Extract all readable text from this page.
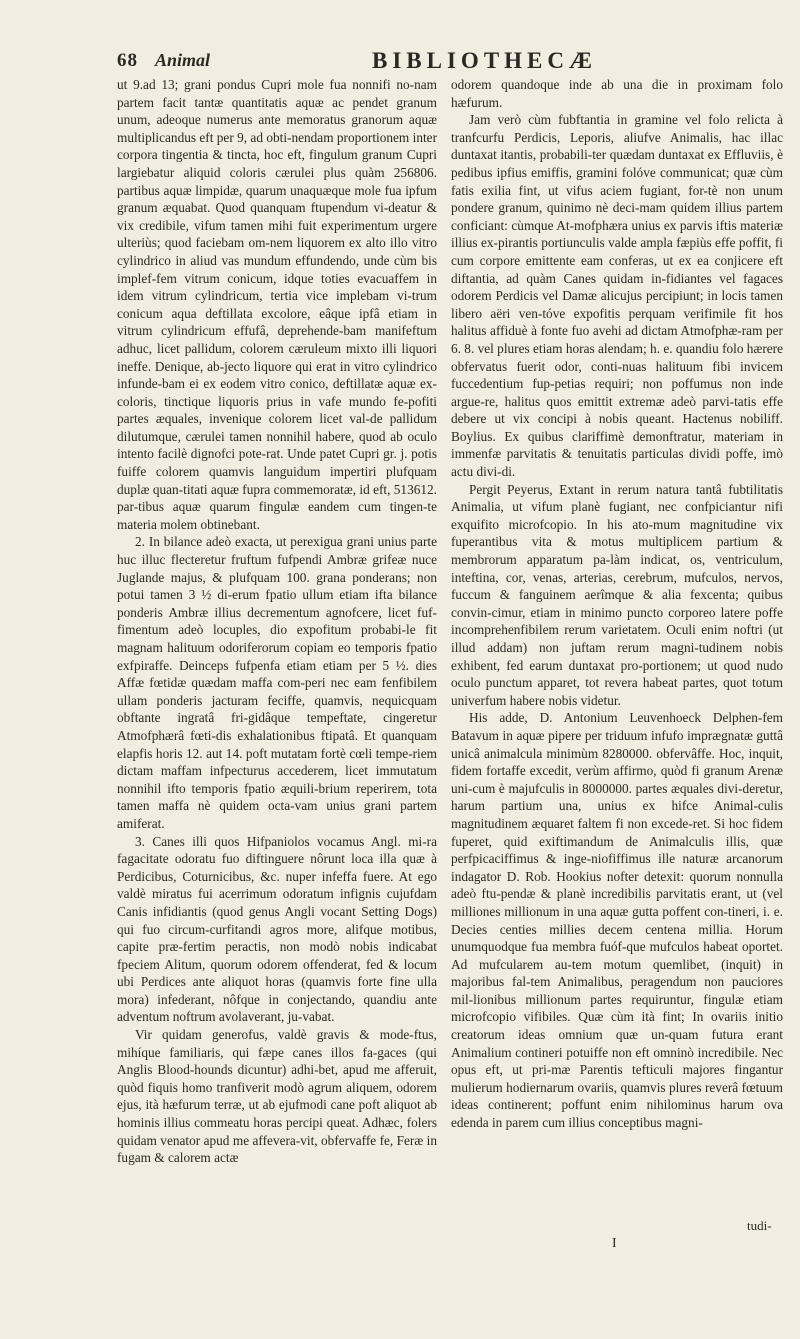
68 Animal	BIBLIOTHECÆ

ut 9.ad 13; grani pondus Cupri mole fua nonnifi no-nam partem facit tantæ quantitatis aquæ ac pendet granum unum, adeoque numerus ante memoratus granorum aquæ multiplicandus eft per 9, ad obti-nendam proportionem inter corpora tingentia & tincta, hoc eft, fingulum granum Cupri largiebatur aliquid coloris cærulei plus quàm 256806. partibus aquæ limpidæ, quarum unaquæque mole fua ipfum granum æquabat. Quod quanquam ftupendum vi-deatur & vix credibile, vifum tamen mihi fuit experimentum urgere ulteriùs; quod faciebam om-nem liquorem ex alto illo vitro cylindrico in aliud vas mundum effundendo, unde cùm bis implef-fem vitrum conicum, idque toties evacuaffem in idem vitrum cylindricum, tertia vice implebam vi-trum conicum aqua deftillata excolore, eâque ipfâ etiam in vitrum cylindricum effufâ, deprehende-bam manifeftum adhuc, licet pallidum, colorem cæruleum mixto illi liquori ineffe. Denique, ab-jecto liquore qui erat in vitro cylindrico infunde-bam ei ex eodem vitro conico, deftillatæ aquæ ex-coloris, tinctique liquoris prius in vafe mundo fe-pofiti partes æquales, invenique colorem licet val-de pallidum dilutumque, cærulei tamen nonnihil habere, quod ab oculo intento facilè dignofci pote-rat. Unde patet Cupri gr. j. potis fuiffe colorem quamvis languidum impertiri plufquam duplæ quan-titati aquæ fupra commemoratæ, id eft, 513612. par-tibus aquæ quarum fingulæ eandem cum tingen-te materia molem obtinebant.

2. In bilance adeò exacta, ut perexigua grani unius parte huc illuc flecteretur fruftum fufpendi Ambræ grifeæ nuce Juglande majus, & plufquam 100. grana ponderans; non potui tamen 3 ½ di-erum fpatio ullum etiam ifta bilance ponderis Ambræ illius decrementum agnofcere, licet fuf-fimentum adeò locuples, dio expofitum probabi-le fit magnam halituum odoriferorum copiam eo temporis fpatio exfpiraffe. Deinceps fufpenfa etiam etiam per 5 ½. dies Affæ fœtidæ quædam maffa com-peri nec eam fenfibilem ullam ponderis jacturam feciffe, quamvis, nequicquam obftante ingratâ fri-gidâque tempeftate, cingeretur Atmofphærâ fœti-dis exhalationibus ftipatâ. Et quanquam elapfis horis 12. aut 14. poft mutatam fortè cœli tempe-riem dictam maffam infpecturus accederem, licet immutatum nonnihil ifto temporis fpatio æquili-brium reperirem, tota tamen maffa nè quidem octa-vam unius grani partem amiferat.

3. Canes illi quos Hifpaniolos vocamus Angl. mi-ra fagacitate odoratu fuo diftinguere nôrunt loca illa quæ à Perdicibus, Coturnicibus, &c. nuper infeffa fuere. At ego valdè miratus fui acerrimum odoratum infignis cujufdam Canis infidiantis (quod genus Angli vocant Setting Dogs) qui fuo circum-curfitandi agros more, alifque motibus, capite præ-fertim peractis, non modò nobis indicabat fpeciem Alitum, quorum odorem offenderat, fed & locum ubi Perdices ante aliquot horas (quamvis forte fine ulla mora) infederant, nôfque in conjectando, quandiu ante adventum noftrum avolaverant, ju-vabat.

Vir quidam generofus, valdè gravis & mode-ftus, mihíque familiaris, qui fæpe canes illos fa-gaces (qui Anglis Blood-hounds dicuntur) adhi-bet, apud me afferuit, quòd fiquis homo tranfiverit modò agrum aliquem, odorem ejus, ità hæfurum terræ, ut ab ejufmodi cane poft aliquot ab hominis illius commeatu horas percipi queat. Adhæc, folers quidam venator apud me affevera-vit, obfervaffe fe, Feræ in fugam & calorem actæ

odorem quandoque inde ab una die in proximam folo hæfurum.

Jam verò cùm fubftantia in gramine vel folo relicta à tranfcurfu Perdicis, Leporis, aliufve Animalis, hac illac duntaxat itantis, probabili-ter quædam duntaxat ex Effluviis, è pedibus ipfius emiffis, gramini folóve communicat; quæ cùm fatis exilia fint, ut vifus aciem fugiant, for-tè non unum pondere granum, quinimo nè deci-mam quidem illius partem conficiant: cùmque At-mofphæra unius ex parvis iftis materiæ illius ex-pirantis portiunculis valde ampla fæpiùs effe poffit, fi cum corpore emittente eam conferas, ut ex ea conjicere eft diftantia, ad quàm Canes quidam in-fidiantes vel fagaces odorem Perdicis vel Damæ alicujus percipiunt; in locis tamen libero aëri ven-tóve expofitis perquam verifimile fit hos halitus affiduè à fonte fuo avehi ad dictam Atmofphæ-ram per 6. 8. vel plures etiam horas alendam; h. e. quandiu folo hærere obfervatus fuerit odor, conti-nuas halituum fibi invicem fuccedentium fup-petias requiri; non poffumus non inde argue-re, halitus quos emittit extremæ adeò parvi-tatis effe debere ut vix concipi à nobis queant. Hactenus nobiliff. Boylius. Ex quibus clariffimè demonftratur, materiam in immenfæ parvitatis & tenuitatis particulas dividi poffe, imò actu divi-di.

Pergit Peyerus, Extant in rerum natura tantâ fubtilitatis Animalia, ut vifum planè fugiant, nec confpiciantur nifi exquifito microfcopio. In his ato-mum magnitudine vix fuperantibus vita & motus multiplicem partium & membrorum apparatum pa-làm indicat, os, ventriculum, inteftina, cor, venas, arterias, cerebrum, mufculos, nervos, fuccum & fanguinem aerîmque & alia fexcenta; quibus convin-cimur, etiam in minimo puncto corporeo latere poffe incomprehenfibilem rerum varietatem. Oculi enim noftri (ut illud addam) non juftam rerum magni-tudinem nobis exhibent, fed earum duntaxat pro-portionem; ut quod nudo oculo punctum apparet, tot revera habeat partes, quot totum univerfum habere nobis videtur.

His adde, D. Antonium Leuvenhoeck Delphen-fem Batavum in aquæ pipere per triduum infufo imprægnatæ guttâ unicâ animalcula minimùm 8280000. obfervâffe. Hoc, inquit, fidem fortaffe excedit, verùm affirmo, quòd fi granum Arenæ uni-cum è majufculis in 8000000. partes æquales divi-deretur, harum partium una, unius ex hifce Animal-culis magnitudinem æquaret faltem fi non excede-ret. Si hoc fidem fuperet, quid exiftimandum de Animalculis illis, quæ perfpicaciffimus & inge-niofiffimus ille naturæ arcanorum indagator D. Rob. Hookius nofter detexit: quorum nonnulla adeò ftu-pendæ & planè incredibilis parvitatis erant, ut (vel milliones millionum in una aquæ gutta poffent con-tineri, i. e. Decies centies millies decem centena millia. Horum unumquodque fua membra fuóf-que mufculos habeat oportet. Ad mufcularem au-tem motum quemlibet, (inquit) in majoribus fal-tem Animalibus, peragendum non pauciores mil-lionibus millionum partes requiruntur, fingulæ etiam microfcopio vifibiles. Quæ cùm ità fint; In ovariis initio creatorum ideas omnium quæ un-quam futura erant Animalium contineri potuiffe non eft omninò incredibile. Nec opus eft, ut pri-mæ Parentis tefticuli majores fingantur mulierum hodiernarum ovariis, quamvis plures reverâ fœtuum ideas continerent; poffunt enim nihilominus harum ova edenda in parem cum illius conceptibus magni-

tudi-
I
